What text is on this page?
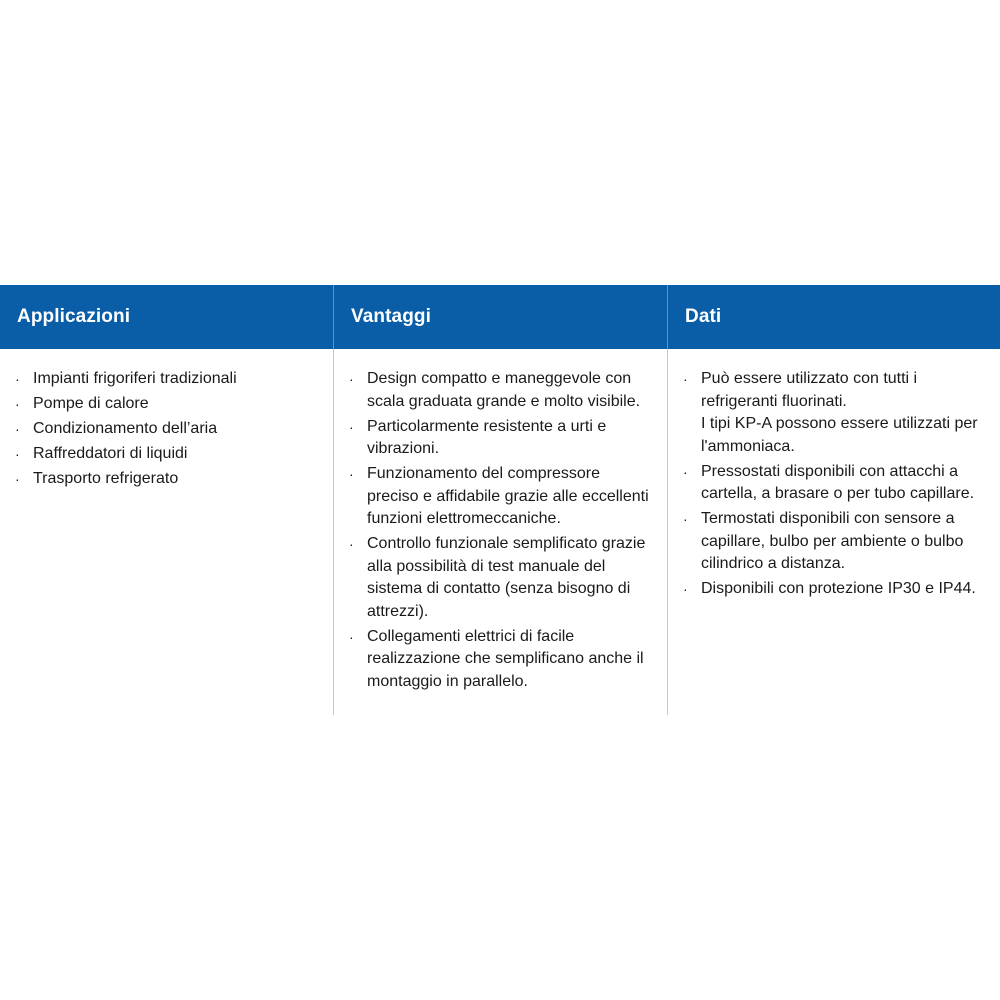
Applicazioni	Vantaggi	Dati
· Impianti frigoriferi tradizionali
· Pompe di calore
· Condizionamento dell’aria
· Raffreddatori di liquidi
· Trasporto refrigerato
· Design compatto e maneggevole con scala graduata grande e molto visibile.
· Particolarmente resistente a urti e vibrazioni.
· Funzionamento del compressore preciso e affidabile grazie alle eccellenti funzioni elettromeccaniche.
· Controllo funzionale semplificato grazie alla possibilità di test manuale del sistema di contatto (senza bisogno di attrezzi).
· Collegamenti elettrici di facile realizzazione che semplificano anche il montaggio in parallelo.
· Può essere utilizzato con tutti i refrigeranti fluorinati.
I tipi KP-A possono essere utilizzati per l'ammoniaca.
· Pressostati disponibili con attacchi a cartella, a brasare o per tubo capillare.
· Termostati disponibili con sensore a capillare, bulbo per ambiente o bulbo cilindrico a distanza.
· Disponibili con protezione IP30 e IP44.
